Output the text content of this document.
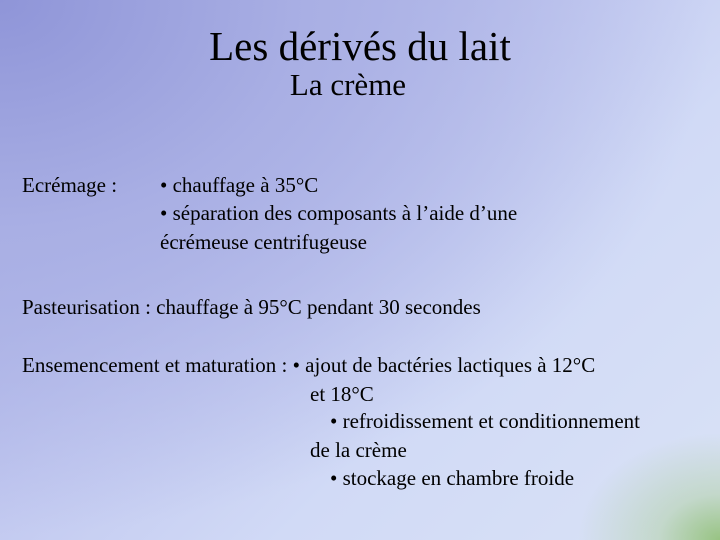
Les dérivés du lait
La crème
Ecrémage : • chauffage à 35°C
• séparation des composants à l’aide d’une
écrémeuse centrifugeuse
Pasteurisation : chauffage à 95°C pendant 30 secondes
Ensemencement et maturation : • ajout de bactéries lactiques à 12°C
et 18°C
• refroidissement et conditionnement
de la crème
• stockage en chambre froide
